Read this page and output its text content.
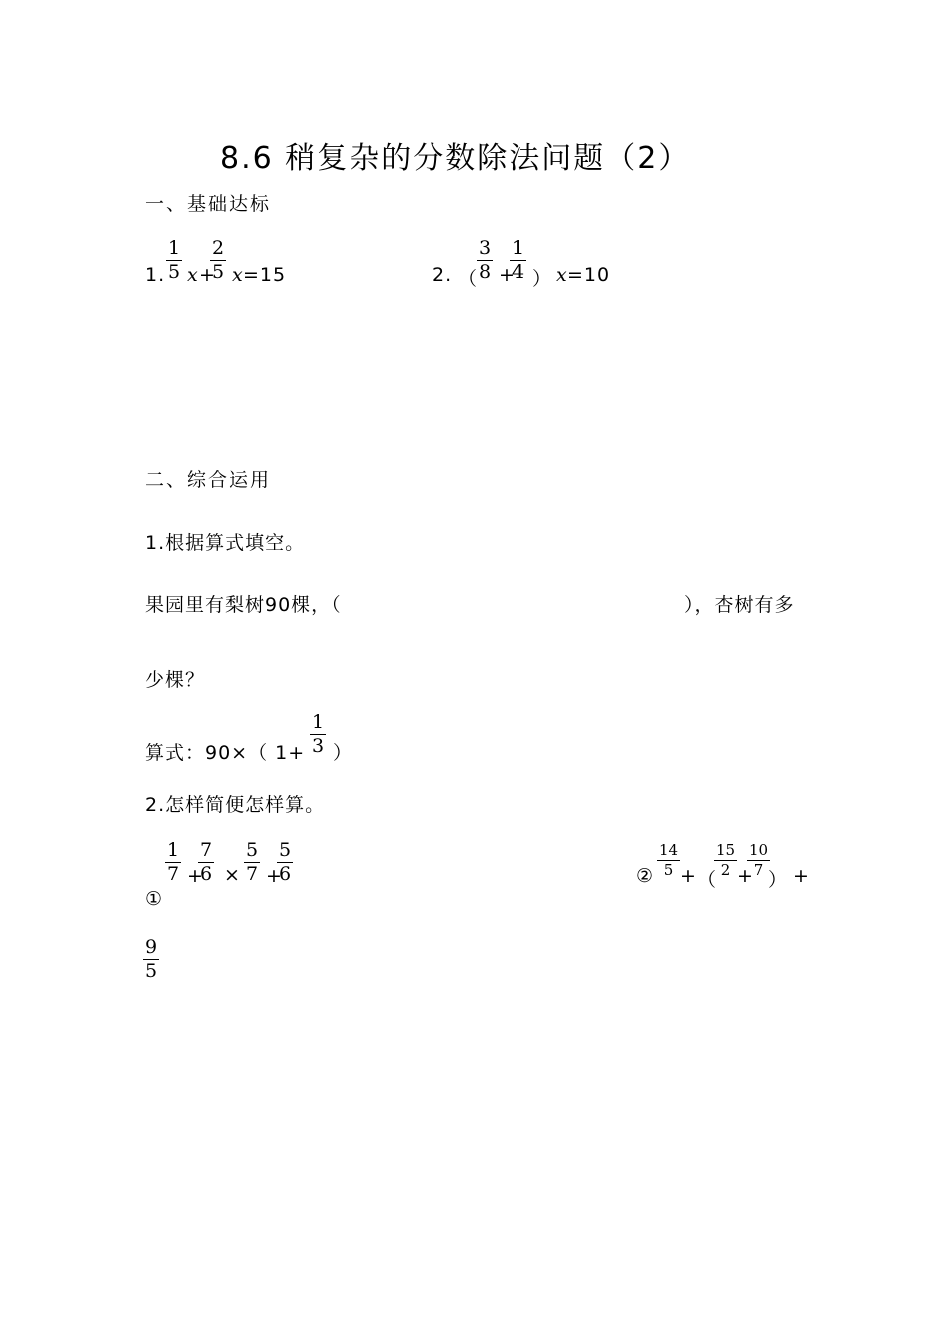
8.6 稍复杂的分数除法问题（2）
一、基础达标
1. $\frac{1}{5}$ x +
$\frac{2}{5}$ x =15	2. （
$\frac{3}{8}$ +
$\frac{1}{4}$ ） x =10
二、综合运用
1.根据算式填空。
果园里有梨树90棵，（	），杏树有多
少棵？
算式：90×（ $1+ \frac{1}{3}$ ）
2.怎样简便怎样算。
$\frac{1}{7}$ +
$\frac{7}{6} \times \frac{5}{7}$ +
$\frac{5}{6}$
①
$\frac{9}{5}$
② $\frac{14}{5}$ + （
$\frac{15}{2}$ +
$\frac{10}{7}$
） +
